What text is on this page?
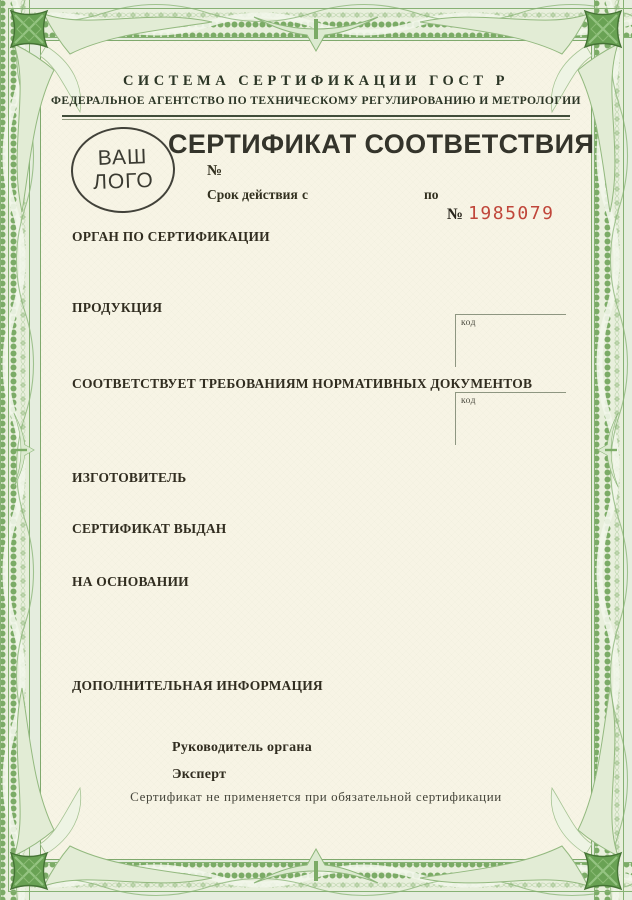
СИСТЕМА СЕРТИФИКАЦИИ ГОСТ Р
ФЕДЕРАЛЬНОЕ АГЕНТСТВО ПО ТЕХНИЧЕСКОМУ РЕГУЛИРОВАНИЮ И МЕТРОЛОГИИ
ВАШ
ЛОГО
СЕРТИФИКАТ СООТВЕТСТВИЯ
№
Срок действия с	по
№ 1985079
ОРГАН ПО СЕРТИФИКАЦИИ
ПРОДУКЦИЯ
код
СООТВЕТСТВУЕТ ТРЕБОВАНИЯМ НОРМАТИВНЫХ ДОКУМЕНТОВ
код
ИЗГОТОВИТЕЛЬ
СЕРТИФИКАТ ВЫДАН
НА ОСНОВАНИИ
ДОПОЛНИТЕЛЬНАЯ ИНФОРМАЦИЯ
Руководитель органа
Эксперт
Сертификат не применяется при обязательной сертификации
